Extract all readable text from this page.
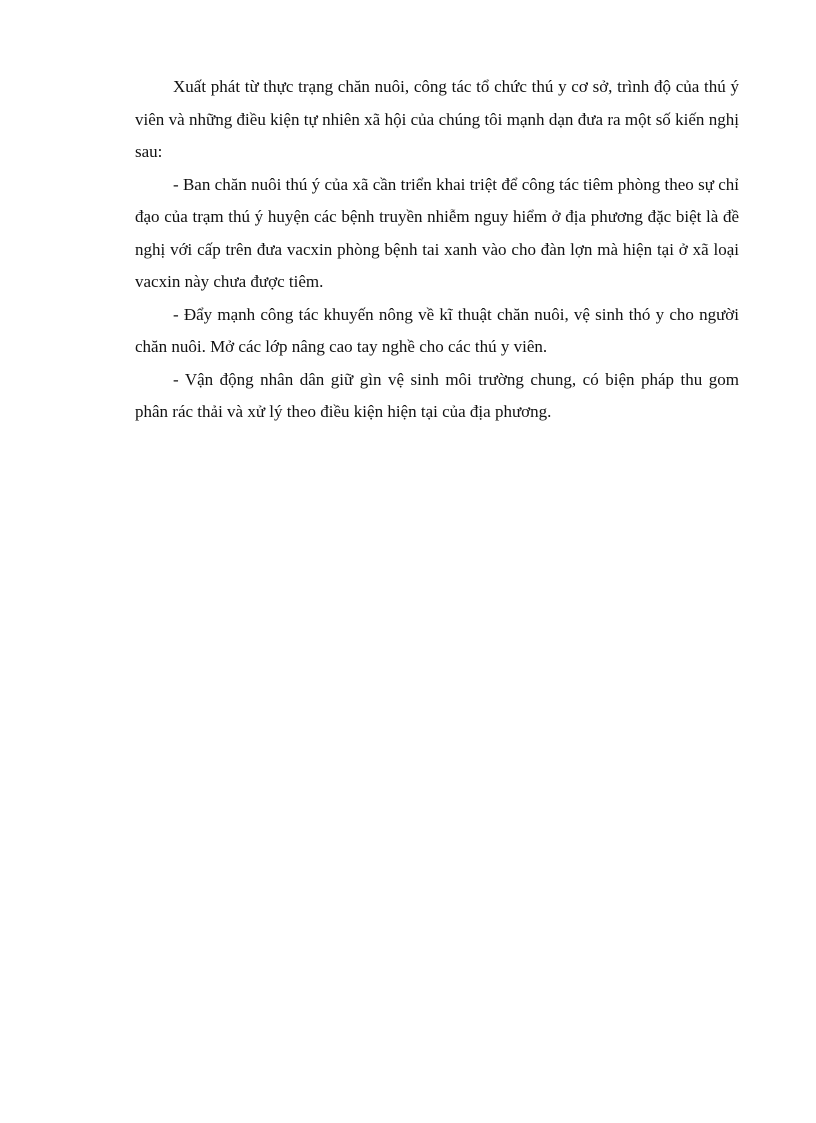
Xuất phát từ thực trạng chăn nuôi, công tác tổ chức thú y cơ sở, trình độ của thú ý viên và những điều kiện tự nhiên xã hội của chúng tôi mạnh dạn đưa ra một số kiến nghị sau:

- Ban chăn nuôi thú ý của xã cần triển khai triệt để công tác tiêm phòng theo sự chỉ đạo của trạm thú ý huyện các bệnh truyền nhiễm nguy hiểm ở địa phương đặc biệt là đề nghị với cấp trên đưa vacxin phòng bệnh tai xanh vào cho đàn lợn mà hiện tại ở xã loại vacxin này chưa được tiêm.

- Đẩy mạnh công tác khuyến nông về kĩ thuật chăn nuôi, vệ sinh thó y cho người chăn nuôi. Mở các lớp nâng cao tay nghề cho các thú y viên.

- Vận động nhân dân giữ gìn vệ sinh môi trường chung, có biện pháp thu gom phân rác thải và xử lý theo điều kiện hiện tại của địa phương.
